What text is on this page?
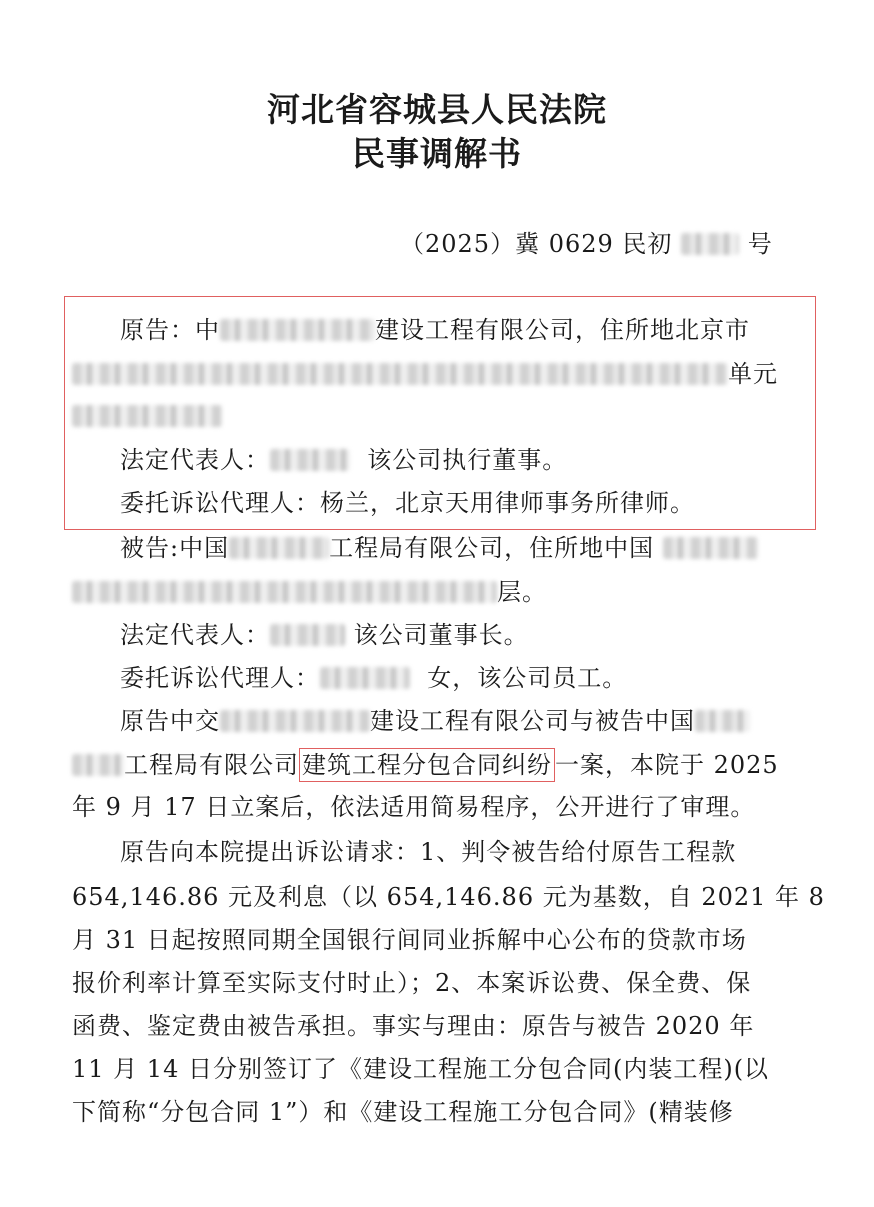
河北省容城县人民法院
民事调解书
（2025）冀 0629 民初	号
原告：中	建设工程有限公司，住所地北京市
单元
法定代表人：	该公司执行董事。
委托诉讼代理人：杨兰，北京天用律师事务所律师。
被告:中国	工程局有限公司，住所地中国
层。
法定代表人：	该公司董事长。
委托诉讼代理人：	女，该公司员工。
原告中交	建设工程有限公司与被告中国
工程局有限公司 建筑工程分包合同纠纷 一案，本院于 2025
年 9 月 17 日立案后，依法适用简易程序，公开进行了审理。
原告向本院提出诉讼请求：1、判令被告给付原告工程款
654,146.86 元及利息（以 654,146.86 元为基数，自 2021 年 8
月 31 日起按照同期全国银行间同业拆解中心公布的贷款市场
报价利率计算至实际支付时止）；2、本案诉讼费、保全费、保
函费、鉴定费由被告承担。事实与理由：原告与被告 2020 年
11 月 14 日分别签订了《建设工程施工分包合同(内装工程)(以
下简称“分包合同 1”）和《建设工程施工分包合同》(精装修
